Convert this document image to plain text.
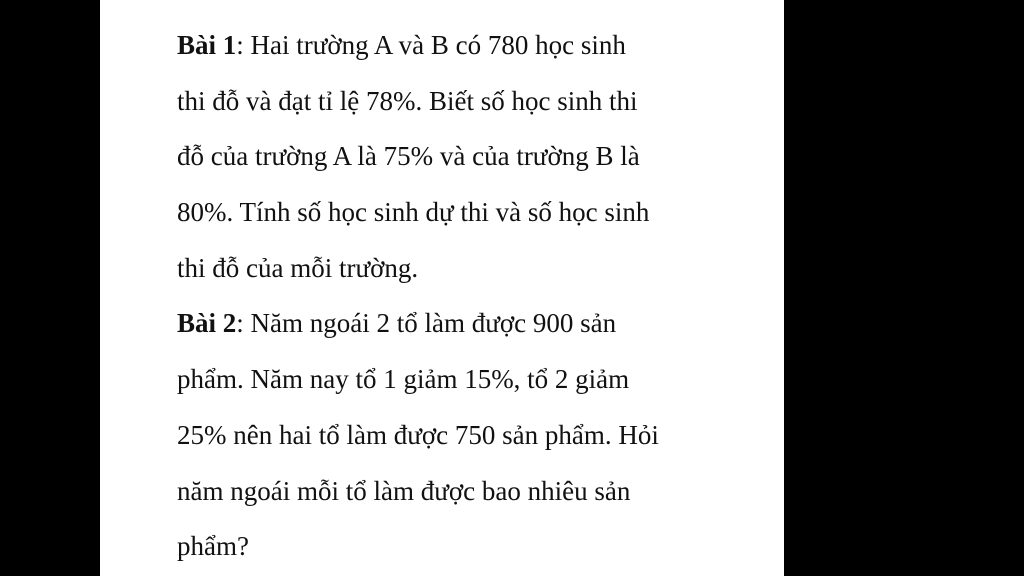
Bài 1: Hai trường A và B có 780 học sinh
thi đỗ và đạt tỉ lệ 78%. Biết số học sinh thi
đỗ của trường A là 75% và của trường B là
80%. Tính số học sinh dự thi và số học sinh
thi đỗ của mỗi trường.
Bài 2: Năm ngoái 2 tổ làm được 900 sản
phẩm. Năm nay tổ 1 giảm 15%, tổ 2 giảm
25% nên hai tổ làm được 750 sản phẩm. Hỏi
năm ngoái mỗi tổ làm được bao nhiêu sản
phẩm?
